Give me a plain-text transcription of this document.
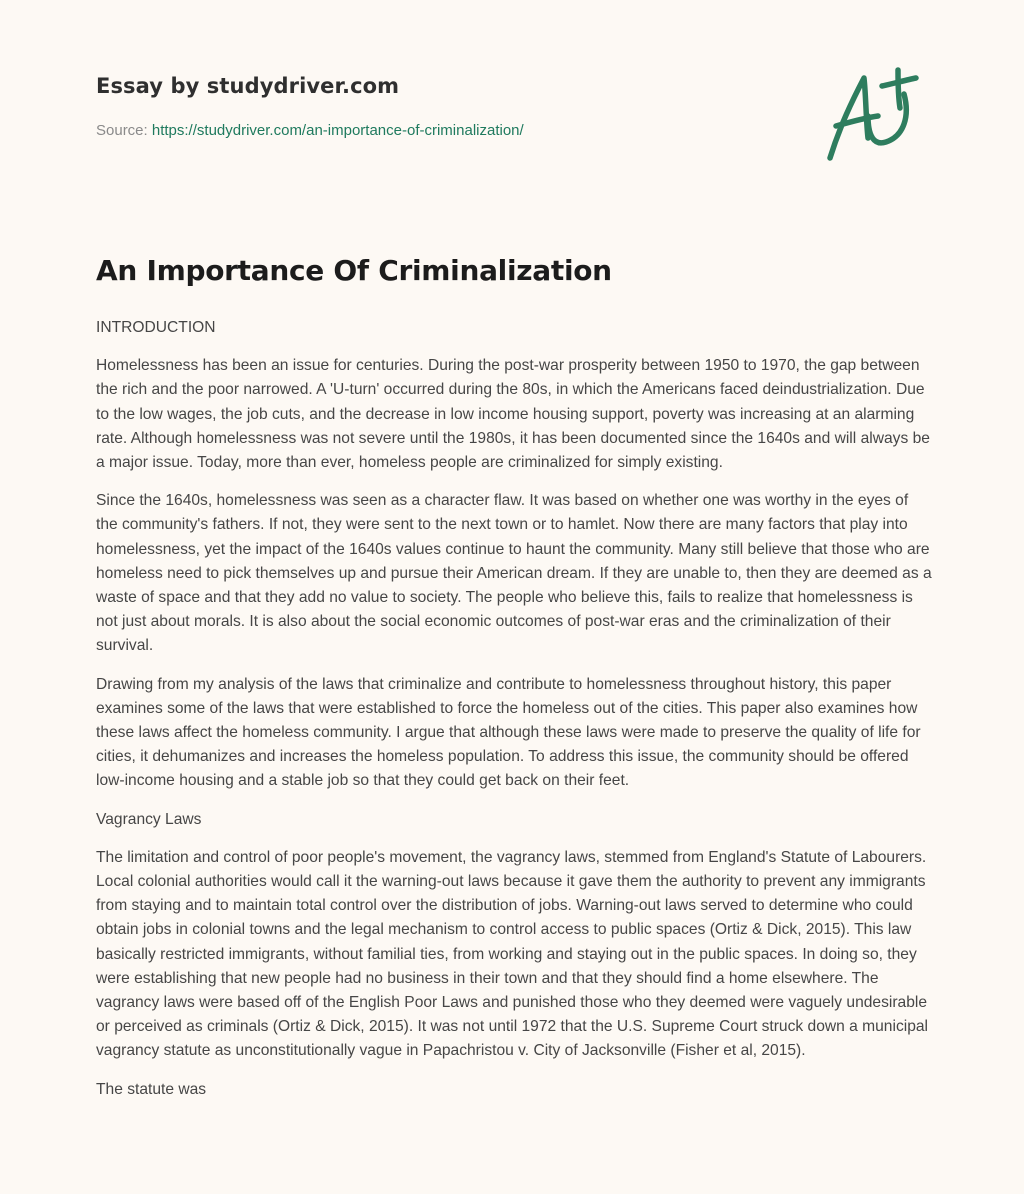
Essay by studydriver.com
Source: https://studydriver.com/an-importance-of-criminalization/
An Importance Of Criminalization

INTRODUCTION

Homelessness has been an issue for centuries. During the post-war prosperity between 1950 to 1970, the gap between the rich and the poor narrowed. A 'U-turn' occurred during the 80s, in which the Americans faced deindustrialization. Due to the low wages, the job cuts, and the decrease in low income housing support, poverty was increasing at an alarming rate. Although homelessness was not severe until the 1980s, it has been documented since the 1640s and will always be a major issue. Today, more than ever, homeless people are criminalized for simply existing.

Since the 1640s, homelessness was seen as a character flaw. It was based on whether one was worthy in the eyes of the community's fathers. If not, they were sent to the next town or to hamlet. Now there are many factors that play into homelessness, yet the impact of the 1640s values continue to haunt the community. Many still believe that those who are homeless need to pick themselves up and pursue their American dream. If they are unable to, then they are deemed as a waste of space and that they add no value to society. The people who believe this, fails to realize that homelessness is not just about morals. It is also about the social economic outcomes of post-war eras and the criminalization of their survival.

Drawing from my analysis of the laws that criminalize and contribute to homelessness throughout history, this paper examines some of the laws that were established to force the homeless out of the cities. This paper also examines how these laws affect the homeless community. I argue that although these laws were made to preserve the quality of life for cities, it dehumanizes and increases the homeless population. To address this issue, the community should be offered low-income housing and a stable job so that they could get back on their feet.

Vagrancy Laws

The limitation and control of poor people's movement, the vagrancy laws, stemmed from England's Statute of Labourers. Local colonial authorities would call it the warning-out laws because it gave them the authority to prevent any immigrants from staying and to maintain total control over the distribution of jobs. Warning-out laws served to determine who could obtain jobs in colonial towns and the legal mechanism to control access to public spaces (Ortiz & Dick, 2015). This law basically restricted immigrants, without familial ties, from working and staying out in the public spaces. In doing so, they were establishing that new people had no business in their town and that they should find a home elsewhere. The vagrancy laws were based off of the English Poor Laws and punished those who they deemed were vaguely undesirable or perceived as criminals (Ortiz & Dick, 2015). It was not until 1972 that the U.S. Supreme Court struck down a municipal vagrancy statute as unconstitutionally vague in Papachristou v. City of Jacksonville (Fisher et al, 2015).

The statute was
